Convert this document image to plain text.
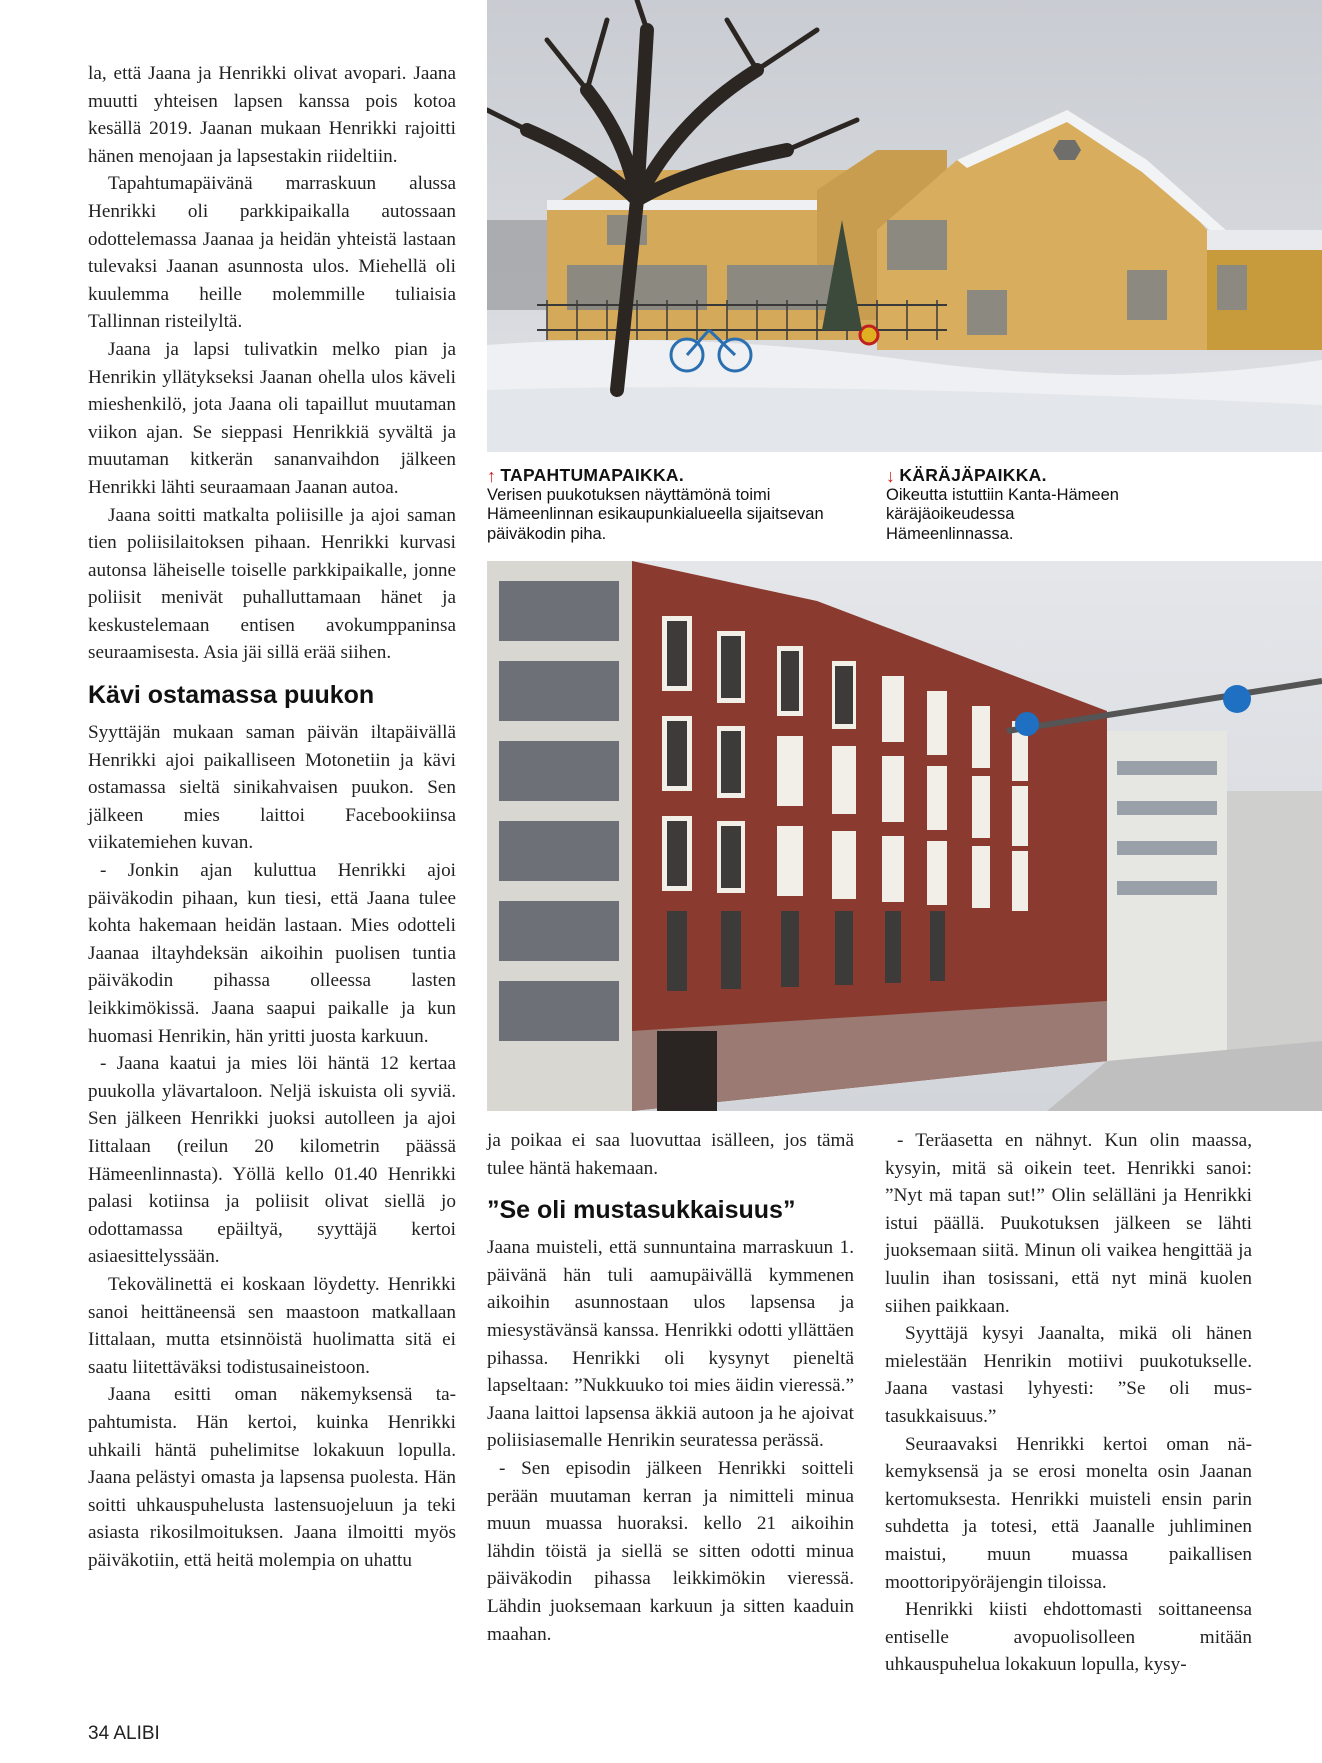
la, että Jaana ja Henrikki olivat avopari. Jaana muutti yhteisen lapsen kanssa pois kotoa kesällä 2019. Jaanan mukaan Henrikki rajoitti hänen menojaan ja lapsestakin riideltiin.

Tapahtumapäivänä marraskuun alussa Henrikki oli parkkipaikalla autossaan odottelemassa Jaanaa ja heidän yhteistä lastaan tulevaksi Jaanan asunnosta ulos. Miehellä oli kuulemma heille molemmille tuliaisia Tallinnan risteilyltä.

Jaana ja lapsi tulivatkin melko pian ja Henrikin yllätykseksi Jaanan ohella ulos käveli mieshenkilö, jota Jaana oli tapaillut muutaman viikon ajan. Se sieppasi Henrikkiä syvältä ja muutaman kitkerän sananvaihdon jälkeen Henrikki lähti seuraamaan Jaanan autoa.

Jaana soitti matkalta poliisille ja ajoi saman tien poliisilaitoksen pihaan. Henrikki kurvasi autonsa läheiselle toiselle parkkipaikalle, jonne poliisit menivät puhalluttamaan hänet ja keskustelemaan entisen avokumppaninsa seuraamisesta. Asia jäi sillä erää siihen.

Kävi ostamassa puukon

Syyttäjän mukaan saman päivän iltapäivällä Henrikki ajoi paikalliseen Motonetiin ja kävi ostamassa sieltä sinikahvaisen puukon. Sen jälkeen mies laittoi Facebookiinsa viikatemiehen kuvan.

- Jonkin ajan kuluttua Henrikki ajoi päiväkodin pihaan, kun tiesi, että Jaana tulee kohta hakemaan heidän lastaan. Mies odotteli Jaanaa iltayhdeksän aikoihin puolisen tuntia päiväkodin pihassa olleessa lasten leikkimökissä. Jaana saapui paikalle ja kun huomasi Henrikin, hän yritti juosta karkuun.

- Jaana kaatui ja mies löi häntä 12 kertaa puukolla ylävartaloon. Neljä iskuista oli syviä. Sen jälkeen Henrikki juoksi autolleen ja ajoi Iittalaan (reilun 20 kilometrin päässä Hämeenlinnasta). Yöllä kello 01.40 Henrikki palasi kotiinsa ja poliisit olivat siellä jo odottamassa epäiltyä, syyttäjä kertoi asiaesittelyssään.

Tekovälinettä ei koskaan löydetty. Henrikki sanoi heittäneensä sen maastoon matkallaan Iittalaan, mutta etsinnöistä huolimatta sitä ei saatu liitettäväksi todistusaineistoon.

Jaana esitti oman näkemyksensä tapahtumista. Hän kertoi, kuinka Henrikki uhkaili häntä puhelimitse lokakuun lopulla. Jaana pelästyi omasta ja lapsensa puolesta. Hän soitti uhkauspuhelusta lastensuojeluun ja teki asiasta rikosilmoituksen. Jaana ilmoitti myös päiväkotiin, että heitä molempia on uhattu

↑ TAPAHTUMAPAIKKA.
Verisen puukotuksen näyttämönä toimi Hämeenlinnan esikaupunkialueella sijaitsevan päiväkodin piha.
↓ KÄRÄJÄPAIKKA.
Oikeutta istuttiin Kanta-Hämeen käräjäoikeudessa Hämeenlinnassa.

ja poikaa ei saa luovuttaa isälleen, jos tämä tulee häntä hakemaan.

”Se oli mustasukkaisuus”

Jaana muisteli, että sunnuntaina marraskuun 1. päivänä hän tuli aamupäivällä kymmenen aikoihin asunnostaan ulos lapsensa ja miesystävänsä kanssa. Henrikki odotti yllättäen pihassa. Henrikki oli kysynyt pieneltä lapseltaan: ”Nukkuuko toi mies äidin vieressä.” Jaana laittoi lapsensa äkkiä autoon ja he ajoivat poliisiasemalle Henrikin seuratessa perässä.

- Sen episodin jälkeen Henrikki soitteli perään muutaman kerran ja nimitteli minua muun muassa huoraksi. kello 21 aikoihin lähdin töistä ja siellä se sitten odotti minua päiväkodin pihassa leikkimökin vieressä. Lähdin juoksemaan karkuun ja sitten kaaduin maahan.

- Teräasetta en nähnyt. Kun olin maassa, kysyin, mitä sä oikein teet. Henrikki sanoi: ”Nyt mä tapan sut!” Olin selälläni ja Henrikki istui päällä. Puukotuksen jälkeen se lähti juoksemaan siitä. Minun oli vaikea hengittää ja luulin ihan tosissani, että nyt minä kuolen siihen paikkaan.

Syyttäjä kysyi Jaanalta, mikä oli hänen mielestään Henrikin motiivi puukotukselle. Jaana vastasi lyhyesti: ”Se oli mustasukkaisuus.”

Seuraavaksi Henrikki kertoi oman näkemyksensä ja se erosi monelta osin Jaanan kertomuksesta. Henrikki muisteli ensin parin suhdetta ja totesi, että Jaanalle juhliminen maistui, muun muassa paikallisen moottoripyöräjengin tiloissa.

Henrikki kiisti ehdottomasti soittaneensa entiselle avopuolisolleen mitään uhkauspuhelua lokakuun lopulla, kysy-

34 ALIBI
